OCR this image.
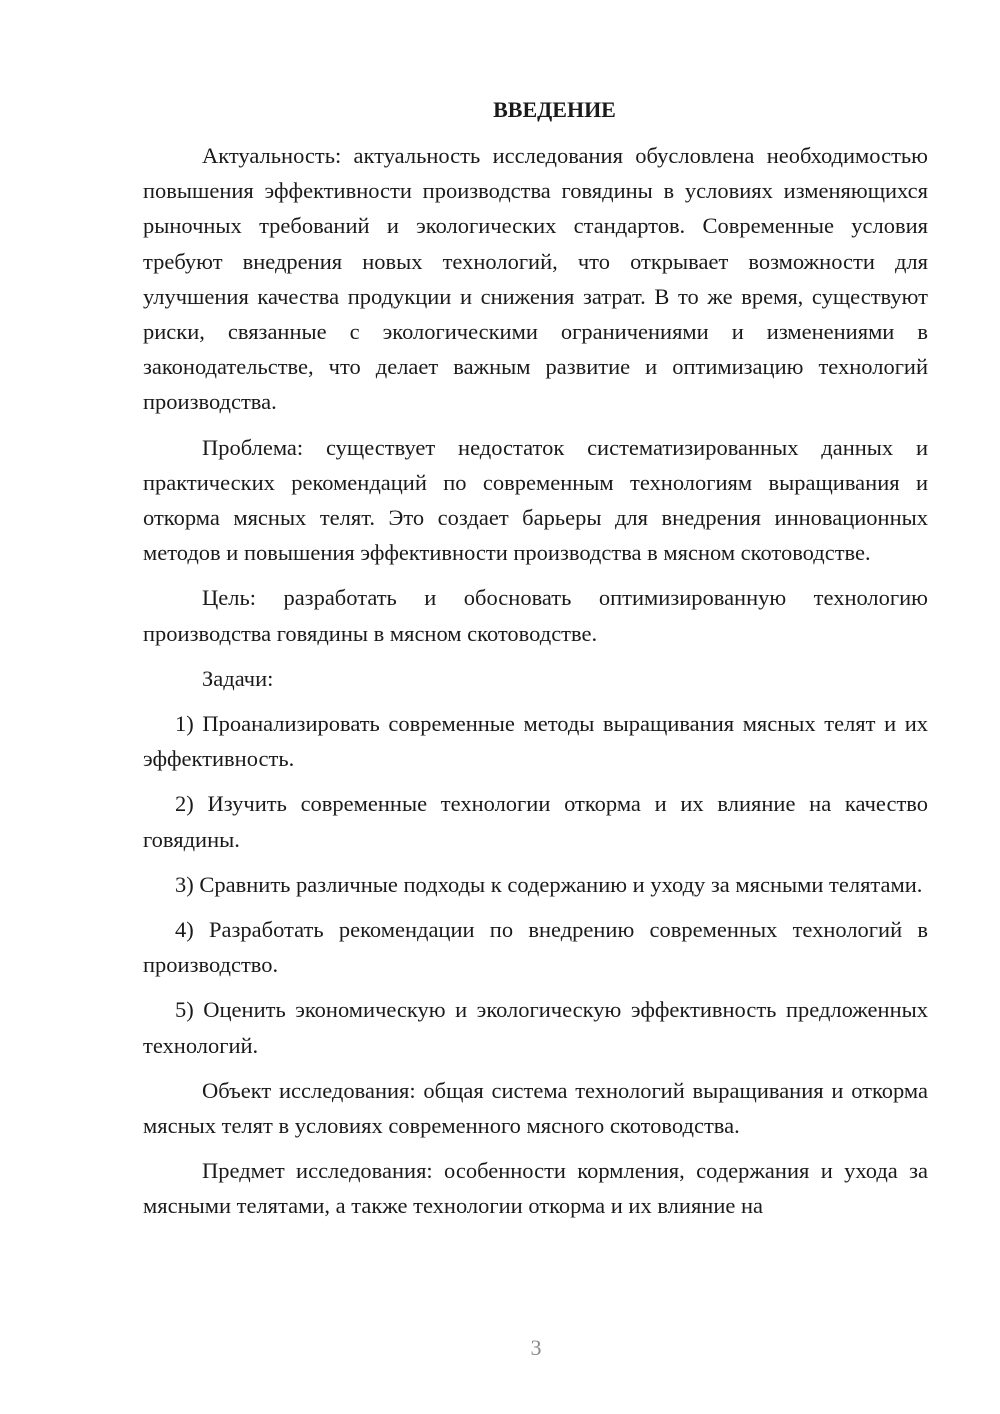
ВВЕДЕНИЕ

Актуальность: актуальность исследования обусловлена необходимостью повышения эффективности производства говядины в условиях изменяющихся рыночных требований и экологических стандартов. Современные условия требуют внедрения новых технологий, что открывает возможности для улучшения качества продукции и снижения затрат. В то же время, существуют риски, связанные с экологическими ограничениями и изменениями в законодательстве, что делает важным развитие и оптимизацию технологий производства.

Проблема: существует недостаток систематизированных данных и практических рекомендаций по современным технологиям выращивания и откорма мясных телят. Это создает барьеры для внедрения инновационных методов и повышения эффективности производства в мясном скотоводстве.

Цель: разработать и обосновать оптимизированную технологию производства говядины в мясном скотоводстве.

Задачи:

1) Проанализировать современные методы выращивания мясных телят и их эффективность.

2) Изучить современные технологии откорма и их влияние на качество говядины.

3) Сравнить различные подходы к содержанию и уходу за мясными телятами.

4) Разработать рекомендации по внедрению современных технологий в производство.

5) Оценить экономическую и экологическую эффективность предложенных технологий.

Объект исследования: общая система технологий выращивания и откорма мясных телят в условиях современного мясного скотоводства.

Предмет исследования: особенности кормления, содержания и ухода за мясными телятами, а также технологии откорма и их влияние на

3
